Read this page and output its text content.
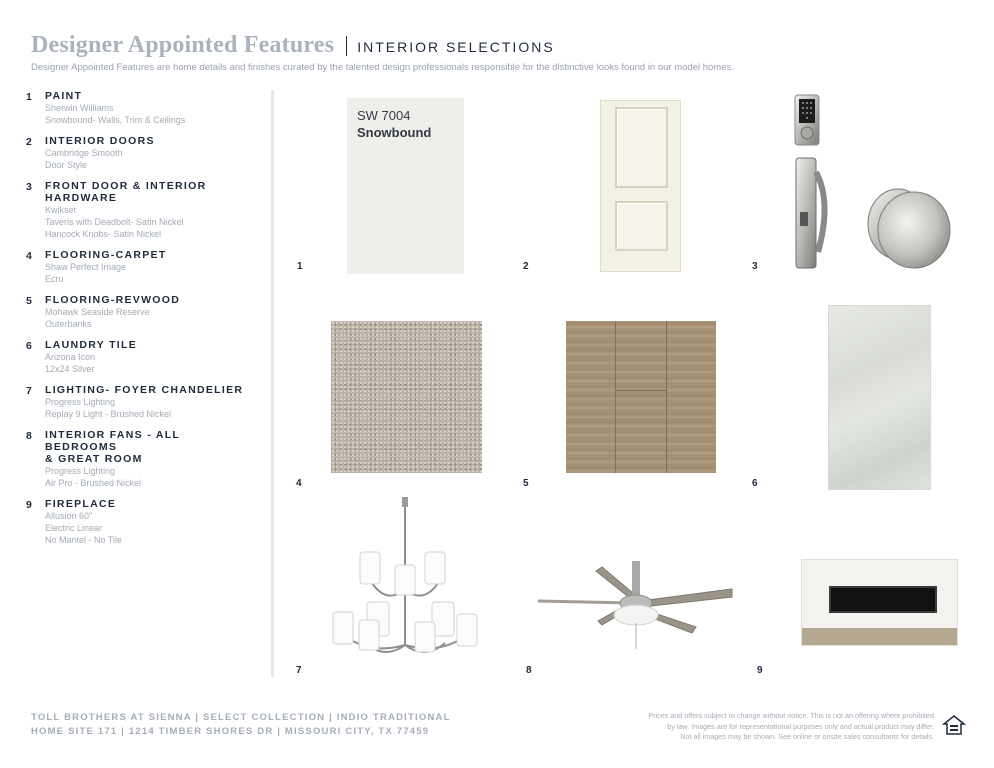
Designer Appointed Features INTERIOR SELECTIONS
Designer Appointed Features are home details and finishes curated by the talented design professionals responsible for the distinctive looks found in our model homes.
1	PAINT
Sherwin Williams
Snowbound- Walls, Trim & Ceilings
2	INTERIOR DOORS
Cambridge Smooth
Door Style
3	FRONT DOOR & INTERIOR
HARDWARE
Kwikset
Taveris with Deadbolt- Satin Nickel
Hancock Knobs- Satin Nickel
4	FLOORING-CARPET
Shaw Perfect Image
Ecru
5	FLOORING-REVWOOD
Mohawk Seaside Reserve
Outerbanks
6	LAUNDRY TILE
Arizona Icon
12x24 Silver
7	LIGHTING- FOYER CHANDELIER
Progress Lighting
Replay 9 Light - Brushed Nickel
8	INTERIOR FANS - ALL BEDROOMS
& GREAT ROOM
Progress Lighting
Air Pro - Brushed Nickel
9	FIREPLACE
Allusion 60"
Electric Linear
No Mantel - No Tile
SW 7004
Snowbound
1	2	3
4	5	6
7	8	9
TOLL BROTHERS AT SIENNA | SELECT COLLECTION | INDIO TRADITIONAL
HOME SITE 171 | 1214 TIMBER SHORES DR | MISSOURI CITY, TX 77459
Prices and offers subject to change without notice. This is not an offering where prohibited
by law. Images are for representational purposes only and actual product may differ.
Not all images may be shown. See online or onsite sales consultants for details.
